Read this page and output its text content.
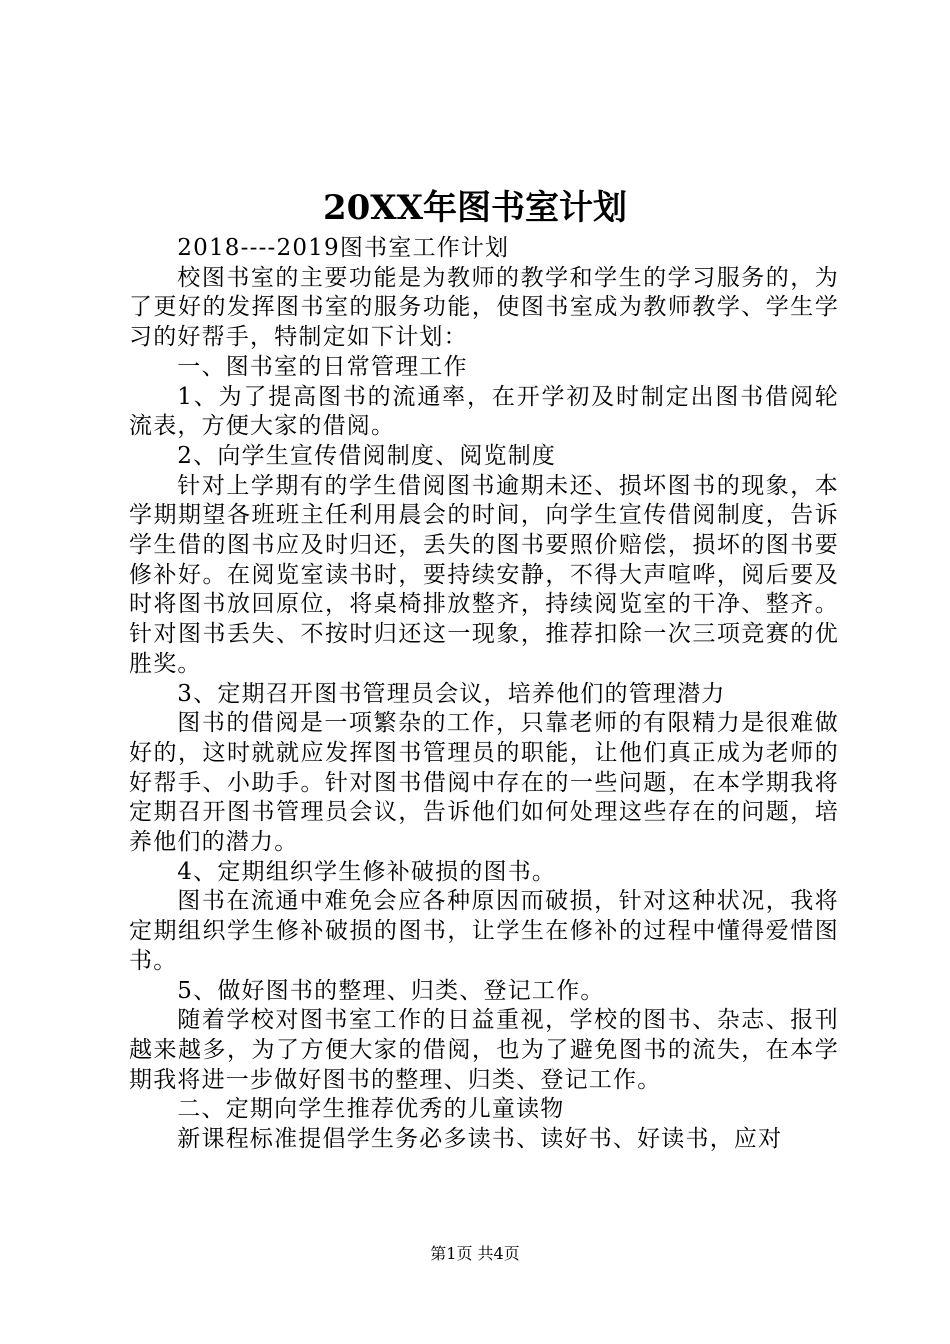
20XX年图书室计划

2018----2019图书室工作计划

校图书室的主要功能是为教师的教学和学生的学习服务的，为了更好的发挥图书室的服务功能，使图书室成为教师教学、学生学习的好帮手，特制定如下计划：

一、图书室的日常管理工作

1、为了提高图书的流通率，在开学初及时制定出图书借阅轮流表，方便大家的借阅。

2、向学生宣传借阅制度、阅览制度

针对上学期有的学生借阅图书逾期未还、损坏图书的现象，本学期期望各班班主任利用晨会的时间，向学生宣传借阅制度，告诉学生借的图书应及时归还，丢失的图书要照价赔偿，损坏的图书要修补好。在阅览室读书时，要持续安静，不得大声喧哗，阅后要及时将图书放回原位，将桌椅排放整齐，持续阅览室的干净、整齐。针对图书丢失、不按时归还这一现象，推荐扣除一次三项竞赛的优胜奖。

3、定期召开图书管理员会议，培养他们的管理潜力

图书的借阅是一项繁杂的工作，只靠老师的有限精力是很难做好的，这时就就应发挥图书管理员的职能，让他们真正成为老师的好帮手、小助手。针对图书借阅中存在的一些问题，在本学期我将定期召开图书管理员会议，告诉他们如何处理这些存在的问题，培养他们的潜力。

4、定期组织学生修补破损的图书。

图书在流通中难免会应各种原因而破损，针对这种状况，我将定期组织学生修补破损的图书，让学生在修补的过程中懂得爱惜图书。

5、做好图书的整理、归类、登记工作。

随着学校对图书室工作的日益重视，学校的图书、杂志、报刊越来越多，为了方便大家的借阅，也为了避免图书的流失，在本学期我将进一步做好图书的整理、归类、登记工作。

二、定期向学生推荐优秀的儿童读物

新课程标准提倡学生务必多读书、读好书、好读书，应对

第1页 共4页
